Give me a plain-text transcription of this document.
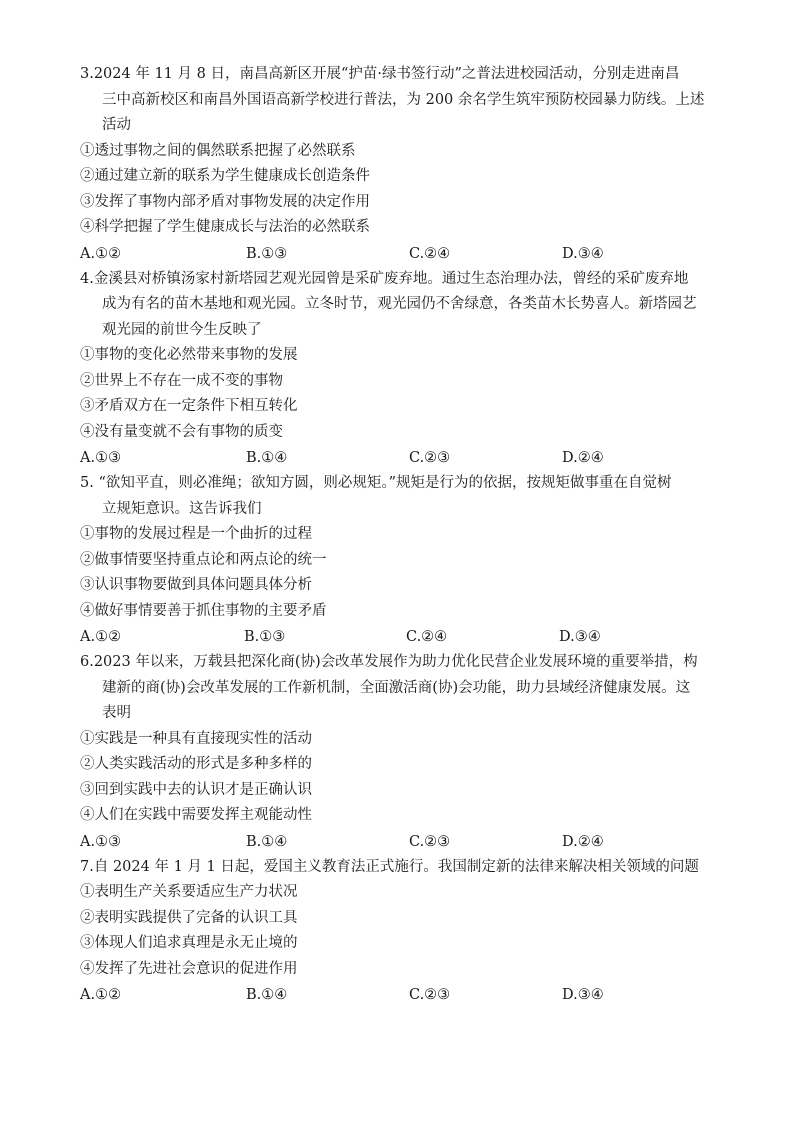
3.2024 年 11 月 8 日，南昌高新区开展“护苗·绿书签行动”之普法进校园活动，分别走进南昌
三中高新校区和南昌外国语高新学校进行普法，为 200 余名学生筑牢预防校园暴力防线。上述
活动
①透过事物之间的偶然联系把握了必然联系
②通过建立新的联系为学生健康成长创造条件
③发挥了事物内部矛盾对事物发展的决定作用
④科学把握了学生健康成长与法治的必然联系
A.①②	B.①③	C.②④	D.③④
4.金溪县对桥镇汤家村新塔园艺观光园曾是采矿废弃地。通过生态治理办法，曾经的采矿废弃地
成为有名的苗木基地和观光园。立冬时节，观光园仍不舍绿意，各类苗木长势喜人。新塔园艺
观光园的前世今生反映了
①事物的变化必然带来事物的发展
②世界上不存在一成不变的事物
③矛盾双方在一定条件下相互转化
④没有量变就不会有事物的质变
A.①③	B.①④	C.②③	D.②④
5. “欲知平直，则必准绳；欲知方圆，则必规矩。”规矩是行为的依据，按规矩做事重在自觉树
立规矩意识。这告诉我们
①事物的发展过程是一个曲折的过程
②做事情要坚持重点论和两点论的统一
③认识事物要做到具体问题具体分析
④做好事情要善于抓住事物的主要矛盾
A.①②	B.①③	C.②④	D.③④
6.2023 年以来，万载县把深化商(协)会改革发展作为助力优化民营企业发展环境的重要举措，构
建新的商(协)会改革发展的工作新机制，全面激活商(协)会功能，助力县域经济健康发展。这
表明
①实践是一种具有直接现实性的活动
②人类实践活动的形式是多种多样的
③回到实践中去的认识才是正确认识
④人们在实践中需要发挥主观能动性
A.①③	B.①④	C.②③	D.②④
7.自 2024 年 1 月 1 日起，爱国主义教育法正式施行。我国制定新的法律来解决相关领域的问题
①表明生产关系要适应生产力状况
②表明实践提供了完备的认识工具
③体现人们追求真理是永无止境的
④发挥了先进社会意识的促进作用
A.①②	B.①④	C.②③	D.③④
